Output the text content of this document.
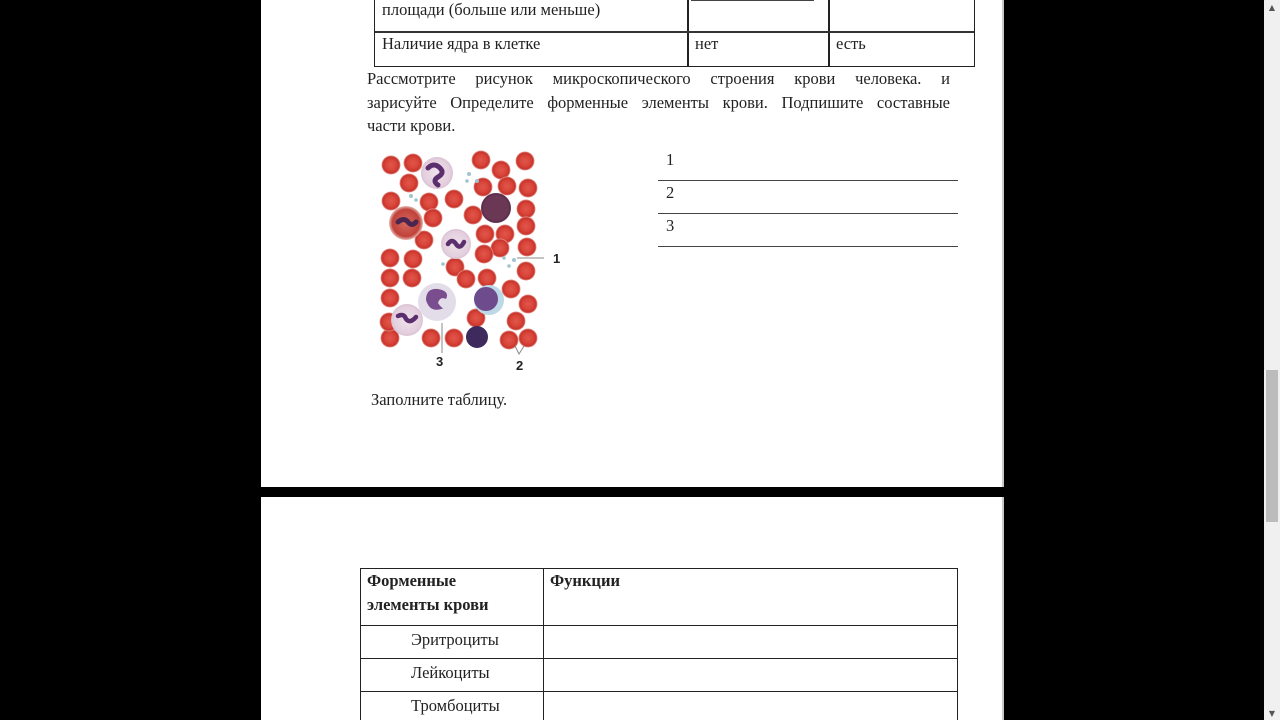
площади (больше или меньше)
Наличие ядра в клетке	нет	есть
Рассмотрите рисунок микроскопического строения крови человека. и
зарисуйте Определите форменные элементы крови. Подпишите составные
части крови.
1
2
3
1
2
3
Заполните таблицу.
Форменные
элементы крови	Функции
Эритроциты	
Лейкоциты	
Тромбоциты	
▲
▼
